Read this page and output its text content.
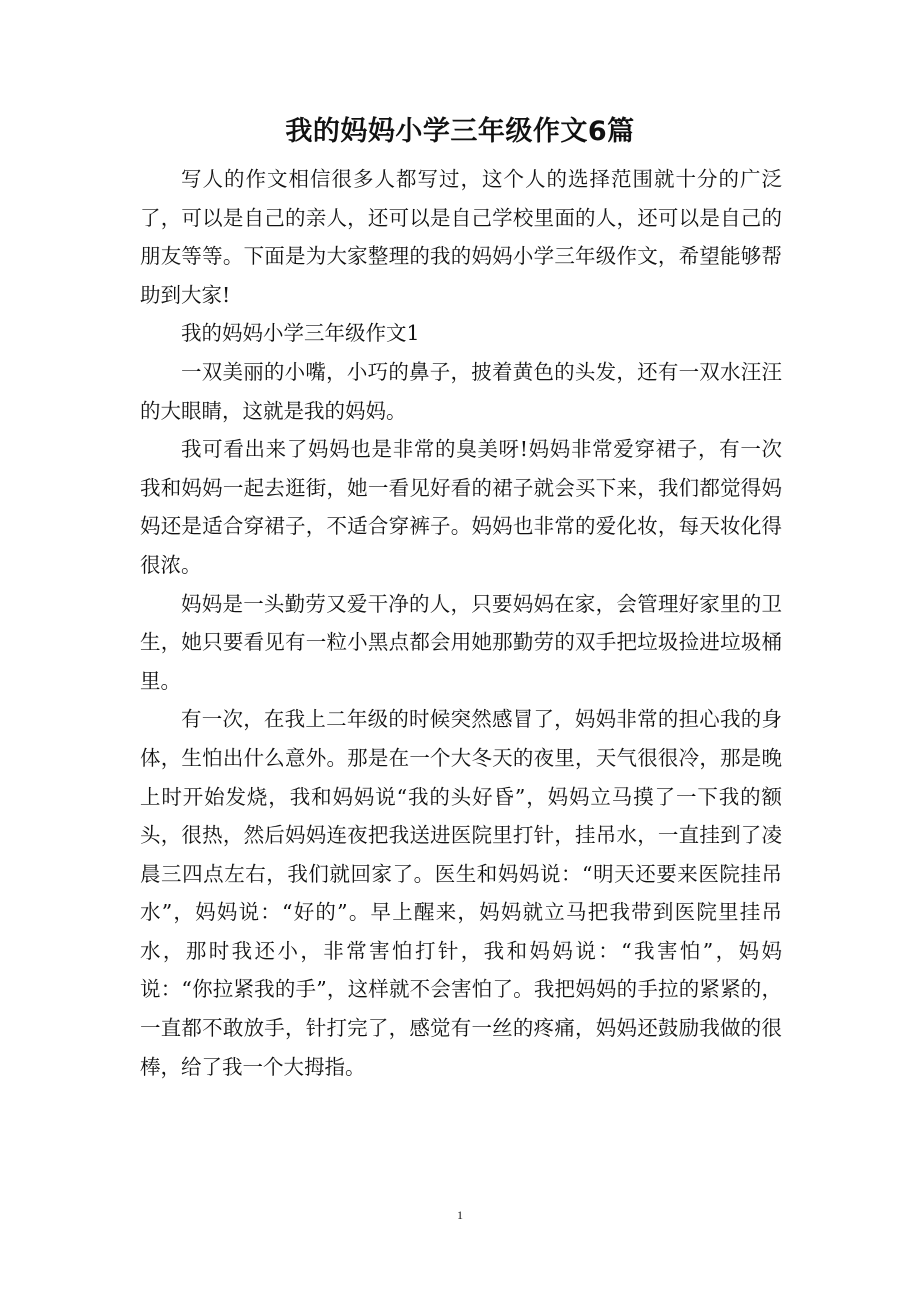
我的妈妈小学三年级作文6篇

写人的作文相信很多人都写过，这个人的选择范围就十分的广泛了，可以是自己的亲人，还可以是自己学校里面的人，还可以是自己的朋友等等。下面是为大家整理的我的妈妈小学三年级作文，希望能够帮助到大家!

我的妈妈小学三年级作文1

一双美丽的小嘴，小巧的鼻子，披着黄色的头发，还有一双水汪汪的大眼睛，这就是我的妈妈。

我可看出来了妈妈也是非常的臭美呀!妈妈非常爱穿裙子，有一次我和妈妈一起去逛街，她一看见好看的裙子就会买下来，我们都觉得妈妈还是适合穿裙子，不适合穿裤子。妈妈也非常的爱化妆，每天妆化得很浓。

妈妈是一头勤劳又爱干净的人，只要妈妈在家，会管理好家里的卫生，她只要看见有一粒小黑点都会用她那勤劳的双手把垃圾捡进垃圾桶里。

有一次，在我上二年级的时候突然感冒了，妈妈非常的担心我的身体，生怕出什么意外。那是在一个大冬天的夜里，天气很很冷，那是晚上时开始发烧，我和妈妈说“我的头好昏”，妈妈立马摸了一下我的额头，很热，然后妈妈连夜把我送进医院里打针，挂吊水，一直挂到了凌晨三四点左右，我们就回家了。医生和妈妈说：“明天还要来医院挂吊水”，妈妈说：“好的”。早上醒来，妈妈就立马把我带到医院里挂吊水，那时我还小，非常害怕打针，我和妈妈说：“我害怕”，妈妈说：“你拉紧我的手”，这样就不会害怕了。我把妈妈的手拉的紧紧的，一直都不敢放手，针打完了，感觉有一丝的疼痛，妈妈还鼓励我做的很棒，给了我一个大拇指。

1
